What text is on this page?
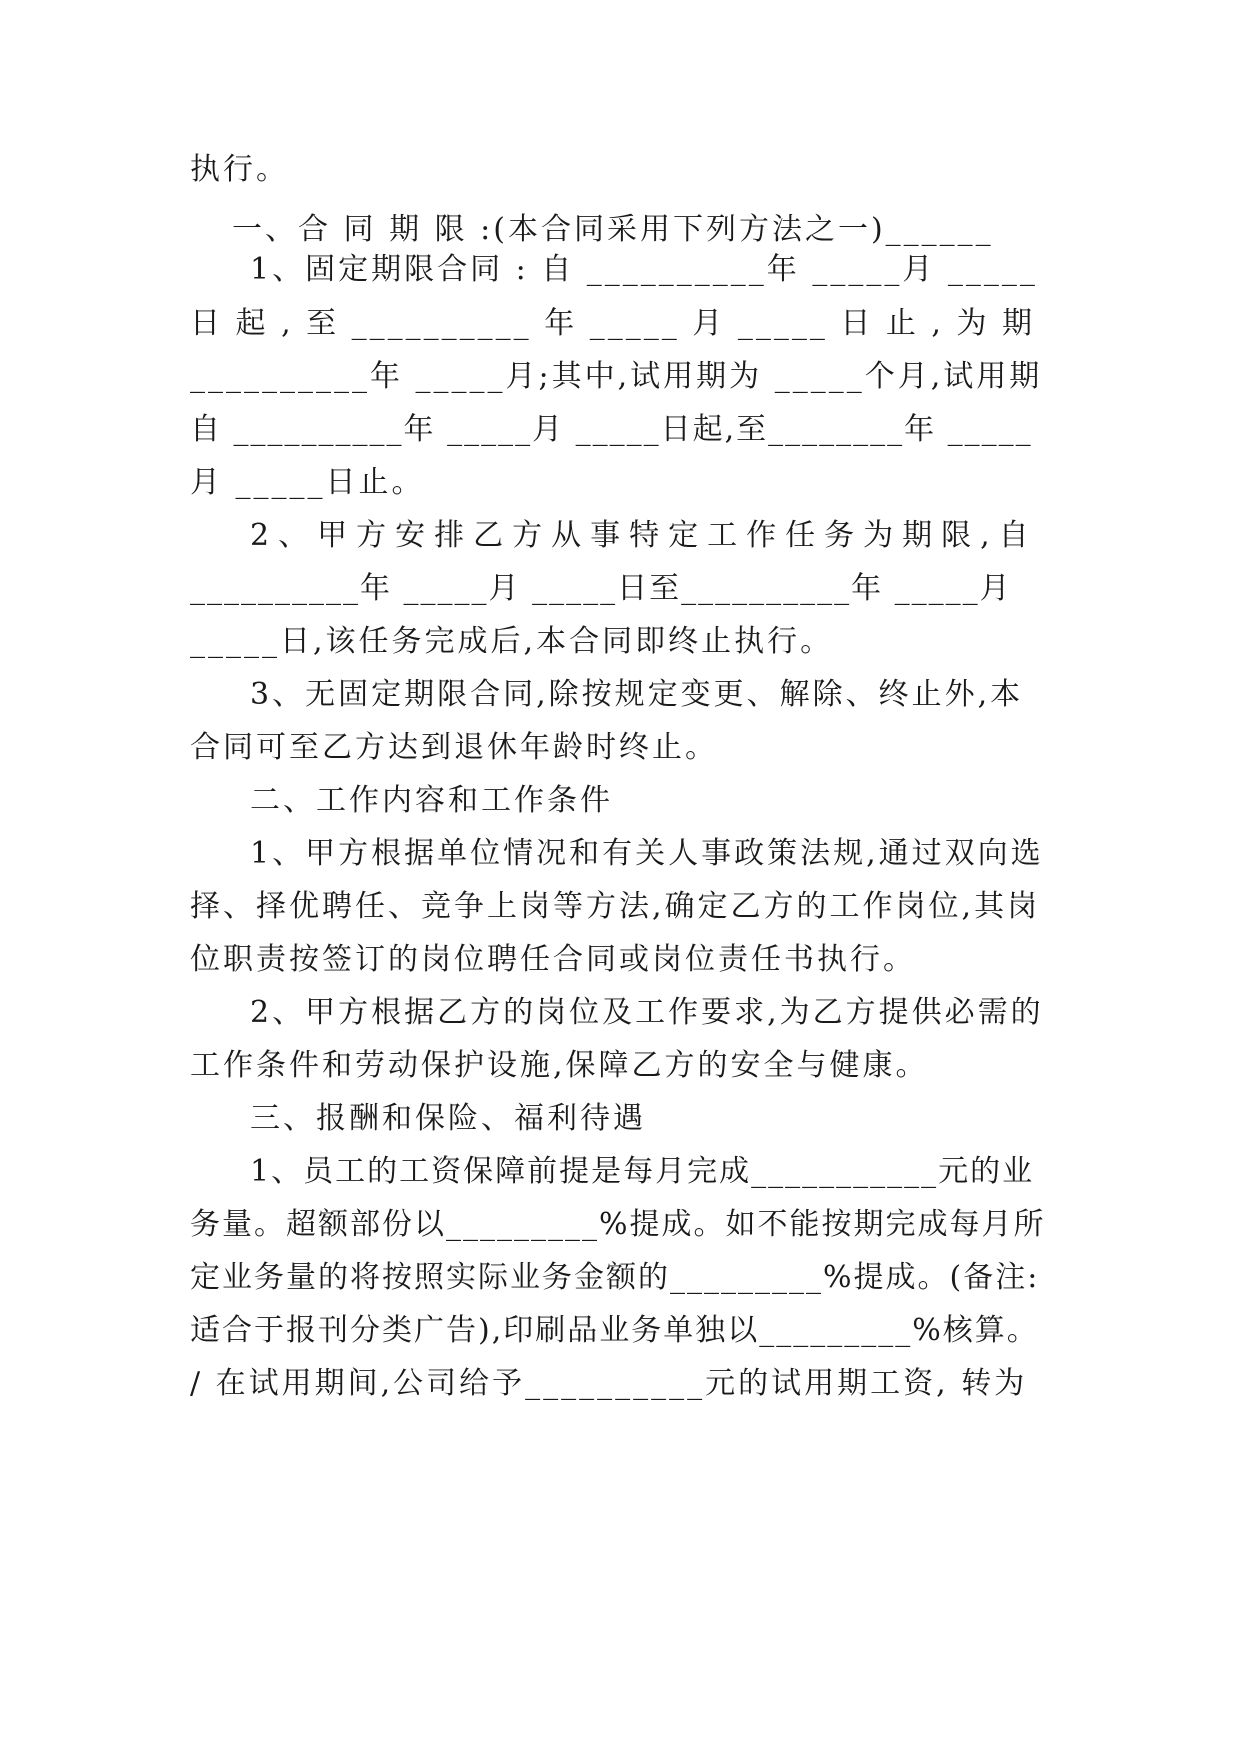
执行。
一、合 同 期 限 :(本合同采用下列方法之一)______
1、固定期限合同 : 自 __________年 _____月 _____
日 起 , 至 __________ 年 _____ 月 _____ 日 止 , 为 期
__________年 _____月;其中,试用期为 _____个月,试用期
自 __________年 _____月 _____日起,至________年 _____
月 _____日止。
2、甲方安排乙方从事特定工作任务为期限,自
__________年 _____月 _____日至__________年 _____月
_____日,该任务完成后,本合同即终止执行。
3、无固定期限合同,除按规定变更、解除、终止外,本
合同可至乙方达到退休年龄时终止。
二、工作内容和工作条件
1、甲方根据单位情况和有关人事政策法规,通过双向选
择、择优聘任、竞争上岗等方法,确定乙方的工作岗位,其岗
位职责按签订的岗位聘任合同或岗位责任书执行。
2、甲方根据乙方的岗位及工作要求,为乙方提供必需的
工作条件和劳动保护设施,保障乙方的安全与健康。
三、报酬和保险、福利待遇
1、员工的工资保障前提是每月完成___________元的业
务量。超额部份以_________%提成。如不能按期完成每月所
定业务量的将按照实际业务金额的_________%提成。(备注:
适合于报刊分类广告),印刷品业务单独以_________%核算。
/ 在试用期间,公司给予__________元的试用期工资, 转为
